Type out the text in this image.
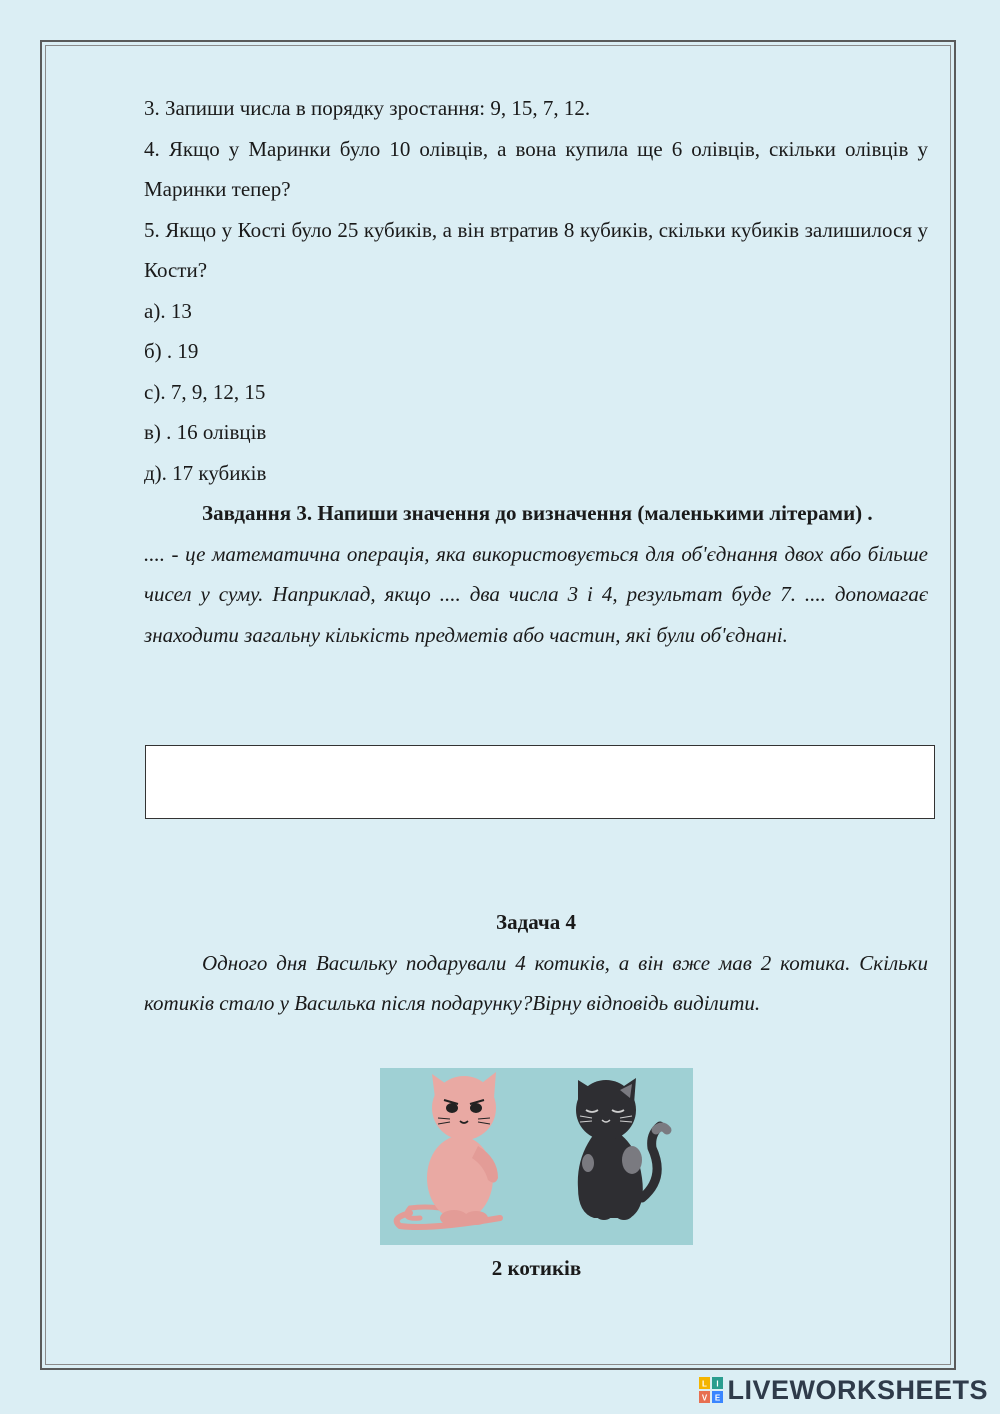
3. Запиши числа в порядку зростання: 9, 15, 7, 12.

4. Якщо у Маринки було 10 олівців, а вона купила ще 6 олівців, скільки олівців у Маринки тепер?

5. Якщо у Кості було 25 кубиків, а він втратив 8 кубиків, скільки кубиків залишилося у Кости?

а). 13

б) . 19

с). 7, 9, 12, 15

в) . 16 олівців

д). 17 кубиків

Завдання 3. Напиши значення до визначення (маленькими літерами) .

.... - це математична операція, яка використовується для об'єднання двох або більше чисел у суму. Наприклад, якщо .... два числа 3 і 4, результат буде 7. .... допомагає знаходити загальну кількість предметів або частин, які були об'єднані.

Задача 4

Одного дня Васильку подарували 4 котиків, а він вже мав 2 котика. Скільки котиків стало у Василька після подарунку?Вірну відповідь виділити.

2 котиків
L I
V E LIVEWORKSHEETS
